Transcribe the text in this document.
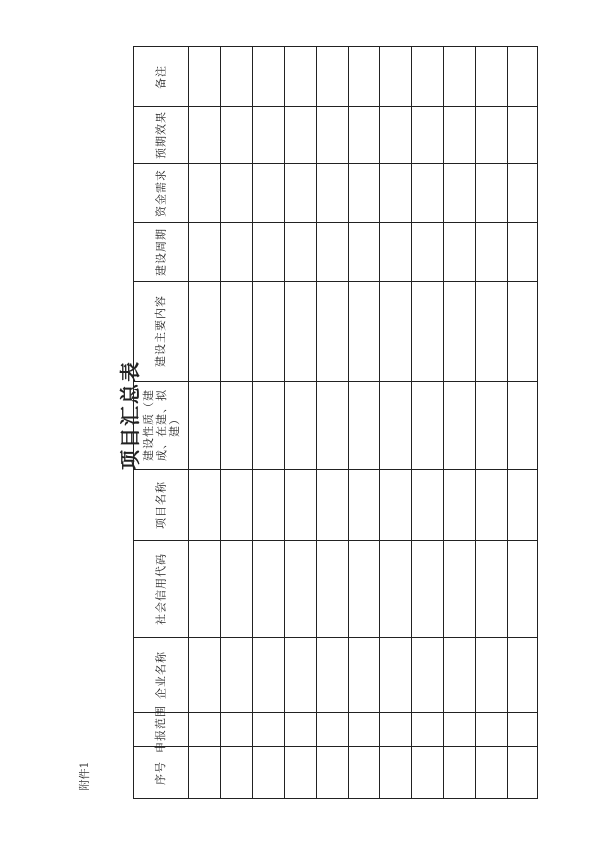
项目汇总表
附件1	序号
申报范围
企业名称
社会信用代码
项目名称
建设性质（建成、在建、拟建）
建设主要内容
建设周期
资金需求
预期效果
备注
